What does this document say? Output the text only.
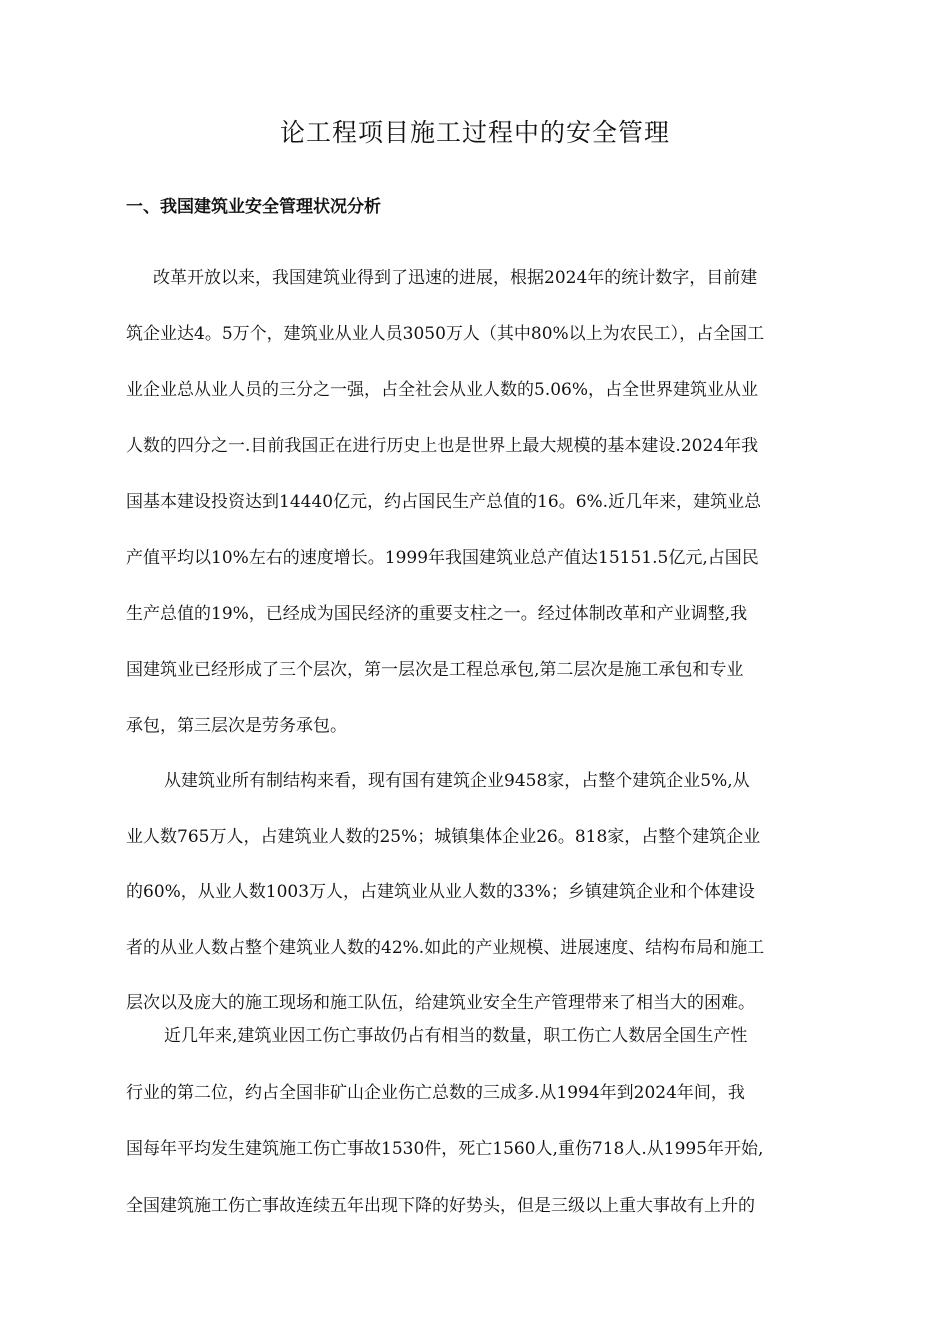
论工程项目施工过程中的安全管理
一、我国建筑业安全管理状况分析
改革开放以来，我国建筑业得到了迅速的进展，根据2024年的统计数字，目前建
筑企业达4。5万个，建筑业从业人员3050万人（其中80%以上为农民工），占全国工
业企业总从业人员的三分之一强，占全社会从业人数的5.06%，占全世界建筑业从业
人数的四分之一.目前我国正在进行历史上也是世界上最大规模的基本建设.2024年我
国基本建设投资达到14440亿元，约占国民生产总值的16。6%.近几年来，建筑业总
产值平均以10%左右的速度增长。1999年我国建筑业总产值达15151.5亿元,占国民
生产总值的19%，已经成为国民经济的重要支柱之一。经过体制改革和产业调整,我
国建筑业已经形成了三个层次，第一层次是工程总承包,第二层次是施工承包和专业
承包，第三层次是劳务承包。
从建筑业所有制结构来看，现有国有建筑企业9458家，占整个建筑企业5%,从
业人数765万人，占建筑业人数的25%；城镇集体企业26。818家，占整个建筑企业
的60%，从业人数1003万人，占建筑业从业人数的33%；乡镇建筑企业和个体建设
者的从业人数占整个建筑业人数的42%.如此的产业规模、进展速度、结构布局和施工
层次以及庞大的施工现场和施工队伍，给建筑业安全生产管理带来了相当大的困难。
近几年来,建筑业因工伤亡事故仍占有相当的数量，职工伤亡人数居全国生产性
行业的第二位，约占全国非矿山企业伤亡总数的三成多.从1994年到2024年间，我
国每年平均发生建筑施工伤亡事故1530件，死亡1560人,重伤718人.从1995年开始,
全国建筑施工伤亡事故连续五年出现下降的好势头，但是三级以上重大事故有上升的
